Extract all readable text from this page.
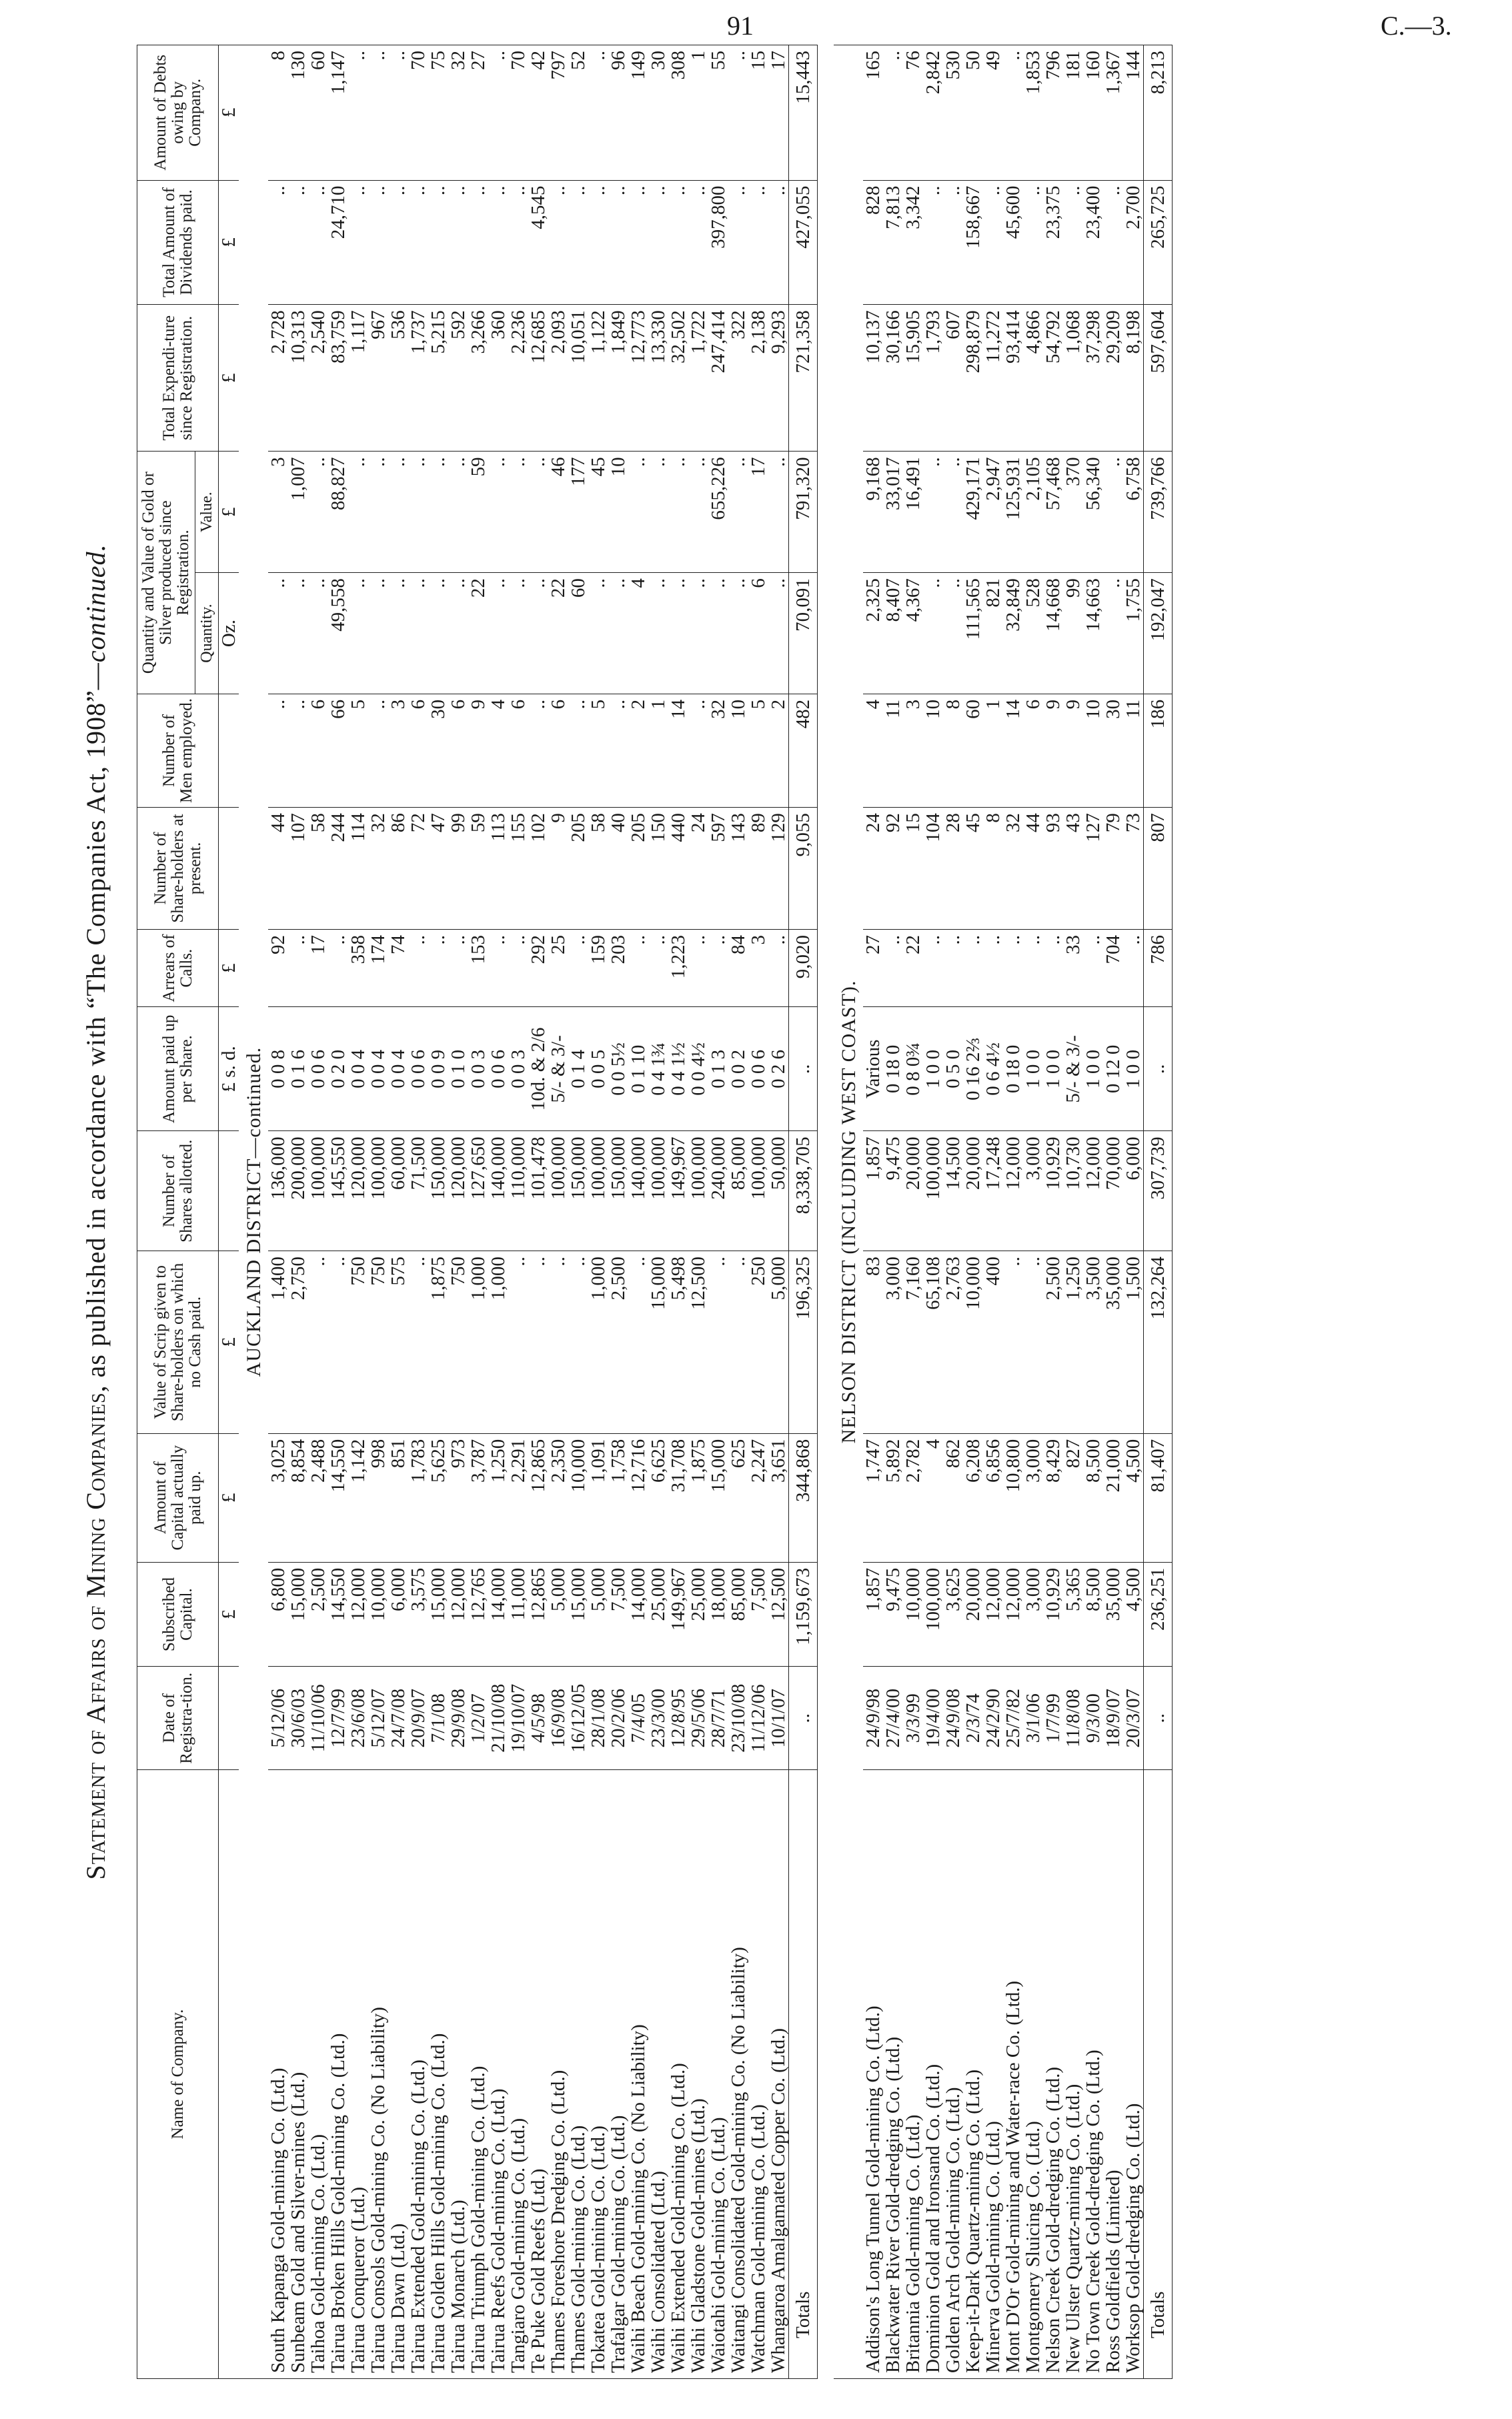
91	C.—3.
Statement of Affairs of Mining Companies, as published in accordance with “The Companies Act, 1908”—continued.
Name of Company.	Date of Registra-tion.	Subscribed Capital.	Amount of Capital actually paid up.	Value of Scrip given to Share-holders on which no Cash paid.	Number of Shares allotted.	Amount paid up per Share.	Arrears of Calls.	Number of Share-holders at present.	Number of Men employed.	Quantity and Value of Gold or Silver produced since Registration.		Total Expendi-ture since Registration.	Total Amount of Dividends paid.	Amount of Debts owing by Company.
										Quantity.	Value.			
		£	£	£		£ s. d.	£			Oz.	£	£	£	£
AUCKLAND DISTRICT—continued.														
South Kapanga Gold-mining Co. (Ltd.)	5/12/06	6,800	3,025	1,400	136,000	0 0 8	92	44	..	..	3	2,728	..	8
Sunbeam Gold and Silver-mines (Ltd.)	30/6/03	15,000	8,854	2,750	200,000	0 1 6	..	107	..	..	1,007	10,313	..	130
Taihoa Gold-mining Co. (Ltd.)	11/10/06	2,500	2,488	..	100,000	0 0 6	17	58	6	..	..	2,540	..	60
Tairua Broken Hills Gold-mining Co. (Ltd.)	12/7/99	14,550	14,550	..	145,550	0 2 0	..	244	66	49,558	88,827	83,759	24,710	1,147
Tairua Conqueror (Ltd.)	23/6/08	12,000	1,142	750	120,000	0 0 4	358	114	5	..	..	1,117	..	..
Tairua Consols Gold-mining Co. (No Liability)	5/12/07	10,000	998	750	100,000	0 0 4	174	32	..	..	..	967	..	..
Tairua Dawn (Ltd.)	24/7/08	6,000	851	575	60,000	0 0 4	74	86	3	..	..	536	..	..
Tairua Extended Gold-mining Co. (Ltd.)	20/9/07	3,575	1,783	..	71,500	0 0 6	..	72	6	..	..	1,737	..	70
Tairua Golden Hills Gold-mining Co. (Ltd.)	7/1/08	15,000	5,625	1,875	150,000	0 0 9	..	47	30	..	..	5,215	..	75
Tairua Monarch (Ltd.)	29/9/08	12,000	973	750	120,000	0 1 0	..	99	6	..	..	592	..	32
Tairua Triumph Gold-mining Co. (Ltd.)	1/2/07	12,765	3,787	1,000	127,650	0 0 3	153	59	9	22	59	3,266	..	27
Tairua Reefs Gold-mining Co. (Ltd.)	21/10/08	14,000	1,250	1,000	140,000	0 0 6	..	113	4	..	..	360	..	..
Tangiaro Gold-mining Co. (Ltd.)	19/10/07	11,000	2,291	..	110,000	0 0 3	..	155	6	..	..	2,236	..	70
Te Puke Gold Reefs (Ltd.)	4/5/98	12,865	12,865	..	101,478	10d. & 2/6	292	102	..	..	..	12,685	4,545	42
Thames Foreshore Dredging Co. (Ltd.)	16/9/08	5,000	2,350	..	100,000	5/- & 3/-	25	9	6	22	46	2,093	..	797
Thames Gold-mining Co. (Ltd.)	16/12/05	15,000	10,000	..	150,000	0 1 4	..	205	..	60	177	10,051	..	52
Tokatea Gold-mining Co. (Ltd.)	28/1/08	5,000	1,091	1,000	100,000	0 0 5	159	58	5	..	45	1,122	..	..
Trafalgar Gold-mining Co. (Ltd.)	20/2/06	7,500	1,758	2,500	150,000	0 0 5½	203	40	..	..	10	1,849	..	96
Waihi Beach Gold-mining Co. (No Liability)	7/4/05	14,000	12,716	..	140,000	0 1 10	..	205	2	4	..	12,773	..	149
Waihi Consolidated (Ltd.)	23/3/00	25,000	6,625	15,000	100,000	0 4 1¾	..	150	1	..	..	13,330	..	30
Waihi Extended Gold-mining Co. (Ltd.)	12/8/95	149,967	31,708	5,498	149,967	0 4 1½	1,223	440	14	..	..	32,502	..	308
Waihi Gladstone Gold-mines (Ltd.)	29/5/06	25,000	1,875	12,500	100,000	0 0 4½	..	24	..	..	..	1,722	..	1
Waiotahi Gold-mining Co. (Ltd.)	28/7/71	18,000	15,000	..	240,000	0 1 3	..	597	32	..	655,226	247,414	397,800	55
Waitangi Consolidated Gold-mining Co. (No Liability)	23/10/08	85,000	625	..	85,000	0 0 2	84	143	10	..	..	322	..	..
Watchman Gold-mining Co. (Ltd.)	11/12/06	7,500	2,247	250	100,000	0 0 6	3	89	5	6	17	2,138	..	15
Whangaroa Amalgamated Copper Co. (Ltd.)	10/1/07	12,500	3,651	5,000	50,000	0 2 6	..	129	2	..	..	9,293	..	17
Totals	..	1,159,673	344,868	196,325	8,338,705	..	9,020	9,055	482	70,091	791,320	721,358	427,055	15,443

NELSON DISTRICT (INCLUDING WEST COAST).														
Addison's Long Tunnel Gold-mining Co. (Ltd.)	24/9/98	1,857	1,747	83	1,857	Various	27	24	4	2,325	9,168	10,137	828	165
Blackwater River Gold-dredging Co. (Ltd.)	27/4/00	9,475	5,892	3,000	9,475	0 18 0	..	92	11	8,407	33,017	30,166	7,813	..
Britannia Gold-mining Co. (Ltd.)	3/3/99	10,000	2,782	7,160	20,000	0 8 0¾	22	15	3	4,367	16,491	15,905	3,342	76
Dominion Gold and Ironsand Co. (Ltd.)	19/4/00	100,000	4	65,108	100,000	1 0 0	..	104	10	..	..	1,793	..	2,842
Golden Arch Gold-mining Co. (Ltd.)	24/9/08	3,625	862	2,763	14,500	0 5 0	..	28	8	..	..	607	..	530
Keep-it-Dark Quartz-mining Co. (Ltd.)	2/3/74	20,000	6,208	10,000	20,000	0 16 2⅔	..	45	60	111,565	429,171	298,879	158,667	50
Minerva Gold-mining Co. (Ltd.)	24/2/90	12,000	6,856	400	17,248	0 6 4½	..	8	1	821	2,947	11,272	..	49
Mont D'Or Gold-mining and Water-race Co. (Ltd.)	25/7/82	12,000	10,800	..	12,000	0 18 0	..	32	14	32,849	125,931	93,414	45,600	..
Montgomery Sluicing Co. (Ltd.)	3/1/06	3,000	3,000	..	3,000	1 0 0	..	44	6	528	2,105	4,866	..	1,853
Nelson Creek Gold-dredging Co. (Ltd.)	1/7/99	10,929	8,429	2,500	10,929	1 0 0	..	93	9	14,668	57,468	54,792	23,375	796
New Ulster Quartz-mining Co. (Ltd.)	11/8/08	5,365	827	1,250	10,730	5/- & 3/-	33	43	9	99	370	1,068	..	181
No Town Creek Gold-dredging Co. (Ltd.)	9/3/00	8,500	8,500	3,500	12,000	1 0 0	..	127	10	14,663	56,340	37,298	23,400	160
Ross Goldfields (Limited)	18/9/07	35,000	21,000	35,000	70,000	0 12 0	704	79	30	..	..	29,209	..	1,367
Worksop Gold-dredging Co. (Ltd.)	20/3/07	4,500	4,500	1,500	6,000	1 0 0	..	73	11	1,755	6,758	8,198	2,700	144
Totals	..	236,251	81,407	132,264	307,739	..	786	807	186	192,047	739,766	597,604	265,725	8,213
